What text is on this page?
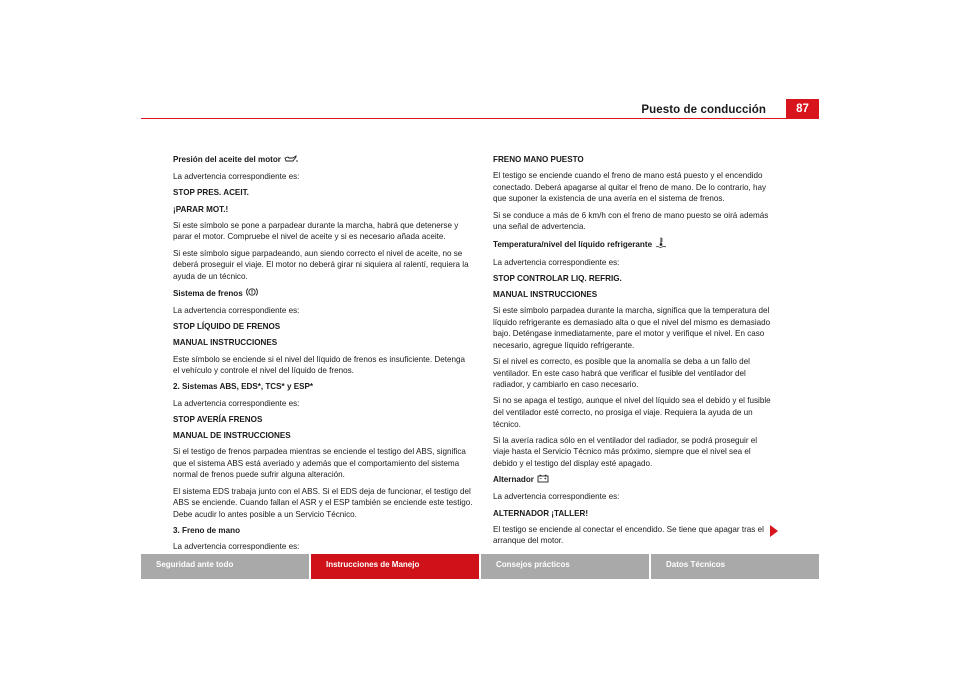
Puesto de conducción	87

Presión del aceite del motor

La advertencia correspondiente es:

STOP PRES. ACEIT.

¡PARAR MOT.!

Si este símbolo se pone a parpadear durante la marcha, habrá que detenerse y parar el motor. Compruebe el nivel de aceite y si es necesario añada aceite.

Si este símbolo sigue parpadeando, aun siendo correcto el nivel de aceite, no se deberá proseguir el viaje. El motor no deberá girar ni siquiera al ralentí, requiera la ayuda de un técnico.

Sistema de frenos !

La advertencia correspondiente es:

STOP LÍQUIDO DE FRENOS

MANUAL INSTRUCCIONES

Este símbolo se enciende si el nivel del líquido de frenos es insuficiente. Detenga el vehículo y controle el nivel del líquido de frenos.

2. Sistemas ABS, EDS*, TCS* y ESP*

La advertencia correspondiente es:

STOP AVERÍA FRENOS

MANUAL DE INSTRUCCIONES

Si el testigo de frenos parpadea mientras se enciende el testigo del ABS, significa que el sistema ABS está averiado y además que el comportamiento del sistema normal de frenos puede sufrir alguna alteración.

El sistema EDS trabaja junto con el ABS. Si el EDS deja de funcionar, el testigo del ABS se enciende. Cuando fallan el ASR y el ESP también se enciende este testigo. Debe acudir lo antes posible a un Servicio Técnico.

3. Freno de mano

La advertencia correspondiente es:

FRENO MANO PUESTO

El testigo se enciende cuando el freno de mano está puesto y el encendido conectado. Deberá apagarse al quitar el freno de mano. De lo contrario, hay que suponer la existencia de una avería en el sistema de frenos.

Si se conduce a más de 6 km/h con el freno de mano puesto se oirá además una señal de advertencia.

Temperatura/nivel del líquido refrigerante

La advertencia correspondiente es:

STOP CONTROLAR LIQ. REFRIG.

MANUAL INSTRUCCIONES

Si este símbolo parpadea durante la marcha, significa que la temperatura del líquido refrigerante es demasiado alta o que el nivel del mismo es demasiado bajo. Deténgase inmediatamente, pare el motor y verifique el nivel. En caso necesario, agregue líquido refrigerante.

Si el nivel es correcto, es posible que la anomalía se deba a un fallo del ventilador. En este caso habrá que verificar el fusible del ventilador del radiador, y cambiarlo en caso necesario.

Si no se apaga el testigo, aunque el nivel del líquido sea el debido y el fusible del ventilador esté correcto, no prosiga el viaje. Requiera la ayuda de un técnico.

Si la avería radica sólo en el ventilador del radiador, se podrá proseguir el viaje hasta el Servicio Técnico más próximo, siempre que el nivel sea el debido y el testigo del display esté apagado.

Alternador

La advertencia correspondiente es:

ALTERNADOR ¡TALLER!

El testigo se enciende al conectar el encendido. Se tiene que apagar tras el arranque del motor.

Seguridad ante todo	Instrucciones de Manejo	Consejos prácticos	Datos Técnicos
